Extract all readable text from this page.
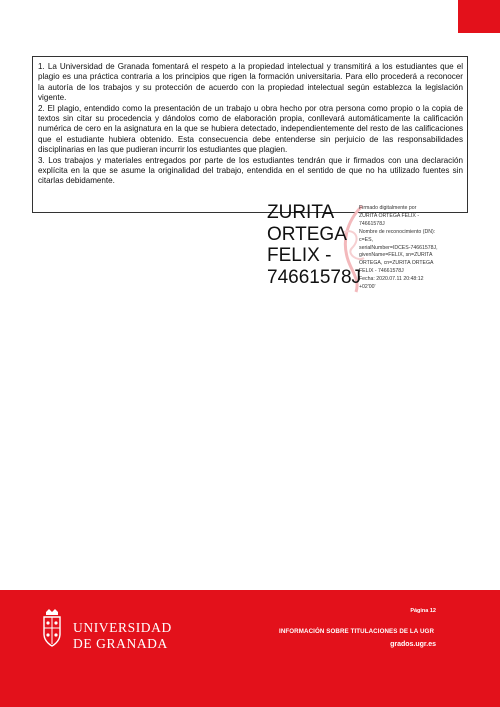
1. La Universidad de Granada fomentará el respeto a la propiedad intelectual y transmitirá a los estudiantes que el plagio es una práctica contraria a los principios que rigen la formación universitaria. Para ello procederá a reconocer la autoría de los trabajos y su protección de acuerdo con la propiedad intelectual según establezca la legislación vigente.

2. El plagio, entendido como la presentación de un trabajo u obra hecho por otra persona como propio o la copia de textos sin citar su procedencia y dándolos como de elaboración propia, conllevará automáticamente la calificación numérica de cero en la asignatura en la que se hubiera detectado, independientemente del resto de las calificaciones que el estudiante hubiera obtenido. Esta consecuencia debe entenderse sin perjuicio de las responsabilidades disciplinarias en las que pudieran incurrir los estudiantes que plagien.

3. Los trabajos y materiales entregados por parte de los estudiantes tendrán que ir firmados con una declaración explícita en la que se asume la originalidad del trabajo, entendida en el sentido de que no ha utilizado fuentes sin citarlas debidamente.

ZURITA
ORTEGA
FELIX -
74661578J
Firmado digitalmente por
ZURITA ORTEGA FELIX -
74661578J
Nombre de reconocimiento (DN):
c=ES,
serialNumber=IDCES-74661578J,
givenName=FELIX, sn=ZURITA
ORTEGA, cn=ZURITA ORTEGA
FELIX - 74661578J
Fecha: 2020.07.11 20:48:12
+02'00'
UNIVERSIDAD
DE GRANADA
Página 12
INFORMACIÓN SOBRE TITULACIONES DE LA UGR
grados.ugr.es
